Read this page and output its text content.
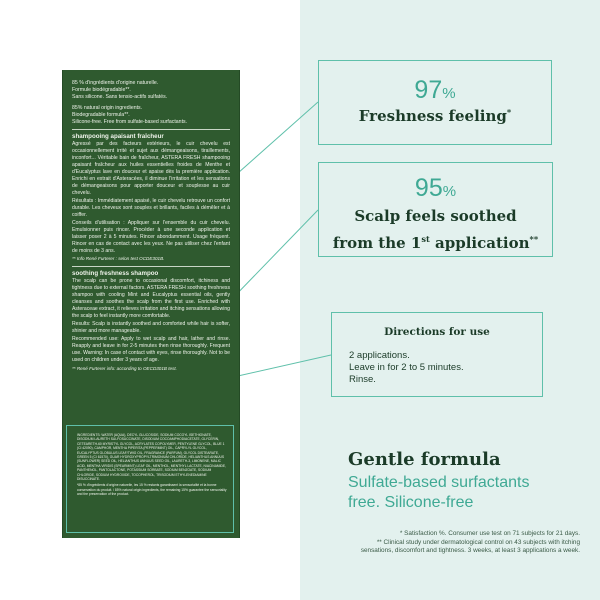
85 % d'ingrédients d'origine naturelle.

Formule biodégradable**.

Sans silicone. Sans tensio-actifs sulfatés.

85% natural origin ingredients.

Biodegradable formula**.

Silicone-free. Free from sulfate-based surfactants.

shampooing apaisant fraîcheur

Agressé par des facteurs extérieurs, le cuir chevelu est occasionnellement irrité et sujet aux démangeaisons, tiraillements, inconfort... Véritable bain de fraîcheur, ASTERA FRESH shampooing apaisant fraîcheur aux huiles essentielles froides de Menthe et d'Eucalyptus lave en douceur et apaise dès la première application. Enrichi en extrait d'Asteracées, il diminue l'irritation et les sensations de démangeaisons pour apporter douceur et souplesse au cuir chevelu.

Résultats : Immédiatement apaisé, le cuir chevelu retrouve un confort durable. Les cheveux sont souples et brillants, faciles à démêler et à coiffer.

Conseils d'utilisation : Appliquer sur l'ensemble du cuir chevelu. Emulsionner puis rincer. Procéder à une seconde application et laisser poser 2 à 5 minutes. Rincer abondamment. Usage fréquent. Rincer en cas de contact avec les yeux. Ne pas utiliser chez l'enfant de moins de 3 ans.

** Info René Furterer : selon test OCDE301B.

soothing freshness shampoo

The scalp can be prone to occasional discomfort, itchiness and tightness due to external factors. ASTERA FRESH soothing freshness shampoo with cooling Mint and Eucalyptus essential oils, gently cleanses and soothes the scalp from the first use. Enriched with Asteraceae extract, it relieves irritation and itching sensations allowing the scalp to feel instantly more comfortable.

Results: Scalp is instantly soothed and comforted while hair is softer, shinier and more manageable.

Recommended use: Apply to wet scalp and hair, lather and rinse. Reapply and leave in for 2-5 minutes then rinse thoroughly. Frequent use. Warning: In case of contact with eyes, rinse thoroughly. Not to be used on children under 3 years of age.

** René Furterer info: according to OECD301B test.

INGREDIENTS: WATER (AQUA), DECYL GLUCOSIDE, SODIUM COCOYL ISETHIONATE, DISODIUM LAURETH SULFOSUCCINATE, DISODIUM COCOAMPHODIACETATE, GLYCERIN, CETEARETH-60 MYRISTYL GLYCOL, ACRYLATES COPOLYMER, PENTYLENE GLYCOL, BLUE 1 (CI 42090), CAMPHOR, MENTHA PIPERITA (PEPPERMINT) OIL, CAPRYLYL GLYCOL, EUCALYPTUS GLOBULUS LEAF/TWIG OIL, FRAGRANCE (PARFUM), GLYCOL DISTEARATE, GREEN 5 (CI 61570), GUAR HYDROXYPROPYLTRIMONIUM CHLORIDE, HELIANTHUS ANNUUS (SUNFLOWER) SEED OIL, HELIANTHUS ANNUUS SEED OIL, LAURETH-3, LIMONENE, MALIC ACID, MENTHA VIRIDIS (SPEARMINT) LEAF OIL, MENTHOL, MENTHYL LACTATE, NIACINAMIDE, PANTHENOL, PANTOLACTONE, POTASSIUM SORBATE, SODIUM BENZOATE, SODIUM CHLORIDE, SODIUM HYDROXIDE, TOCOPHEROL, TRISODIUM ETHYLENEDIAMINE DISUCCINATE.
*85 % d'ingrédients d'origine naturelle, les 15 % restants garantissent la sensorialité et la bonne conservation du produit. / 85% natural origin ingredients, the remaining 15% guarantee the sensoriality and the preservation of the product.
97%
Freshness feeling*
95%
Scalp feels soothed
from the 1st application**
Directions for use
2 applications.
Leave in for 2 to 5 minutes.
Rinse.
Gentle formula
Sulfate-based surfactants
free. Silicone-free
* Satisfaction %. Consumer use test on 71 subjects for 21 days.
** Clinical study under dermatological control on 43 subjects with itching
sensations, discomfort and tightness. 3 weeks, at least 3 applications a week.
